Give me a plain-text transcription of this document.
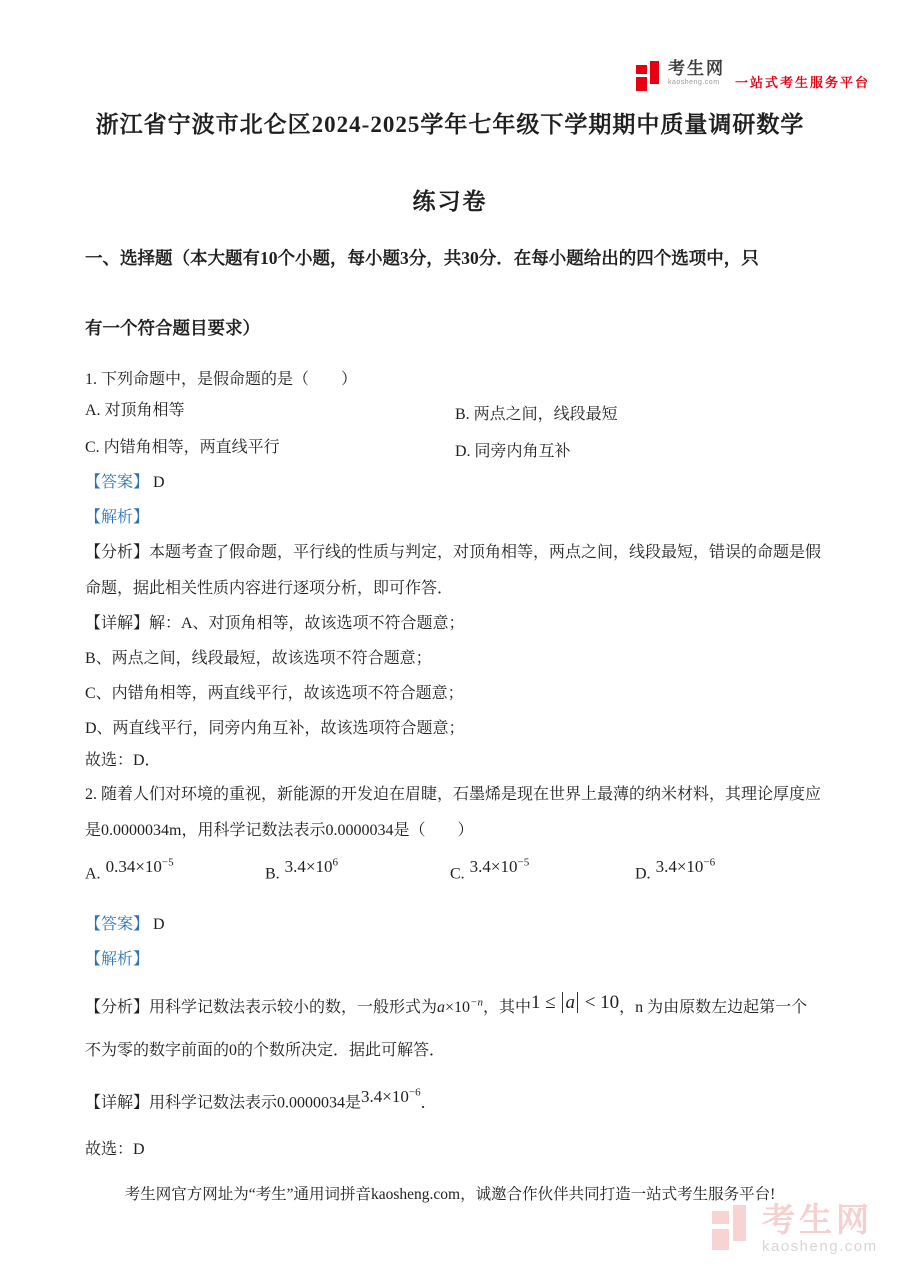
考生网
kaosheng.com	一站式考生服务平台
浙江省宁波市北仑区2024-2025学年七年级下学期期中质量调研数学
练习卷
一、选择题（本大题有10个小题，每小题3分，共30分．在每小题给出的四个选项中，只
有一个符合题目要求）
1. 下列命题中，是假命题的是（　　）
A. 对顶角相等	B. 两点之间，线段最短
C. 内错角相等，两直线平行	D. 同旁内角互补
【答案】 D
【解析】
【分析】本题考查了假命题，平行线的性质与判定，对顶角相等，两点之间，线段最短，错误的命题是假
命题，据此相关性质内容进行逐项分析，即可作答．
【详解】解：A、对顶角相等，故该选项不符合题意；
B、两点之间，线段最短，故该选项不符合题意；
C、内错角相等，两直线平行，故该选项不符合题意；
D、两直线平行，同旁内角互补，故该选项符合题意；
故选：D．
2. 随着人们对环境的重视，新能源的开发迫在眉睫，石墨烯是现在世界上最薄的纳米材料，其理论厚度应
是0.0000034m，用科学记数法表示0.0000034是（　　）
A. $0.34\times 10^{-5}$
B. $3.4\times 10^6$
C. $3.4\times 10^{-5}$
D. $3.4\times 10^{-6}$
【答案】 D
【解析】
【分析】用科学记数法表示较小的数，一般形式为$a\times 10^{-n}$，其中1 ≤ a < 10，n 为由原数左边起第一个
不为零的数字前面的0的个数所决定．据此可解答．
【详解】用科学记数法表示0.0000034是$3.4\times 10^{-6}$．
故选：D
考生网官方网址为“考生”通用词拼音kaosheng.com，诚邀合作伙伴共同打造一站式考生服务平台!
考生网
kaosheng.com
